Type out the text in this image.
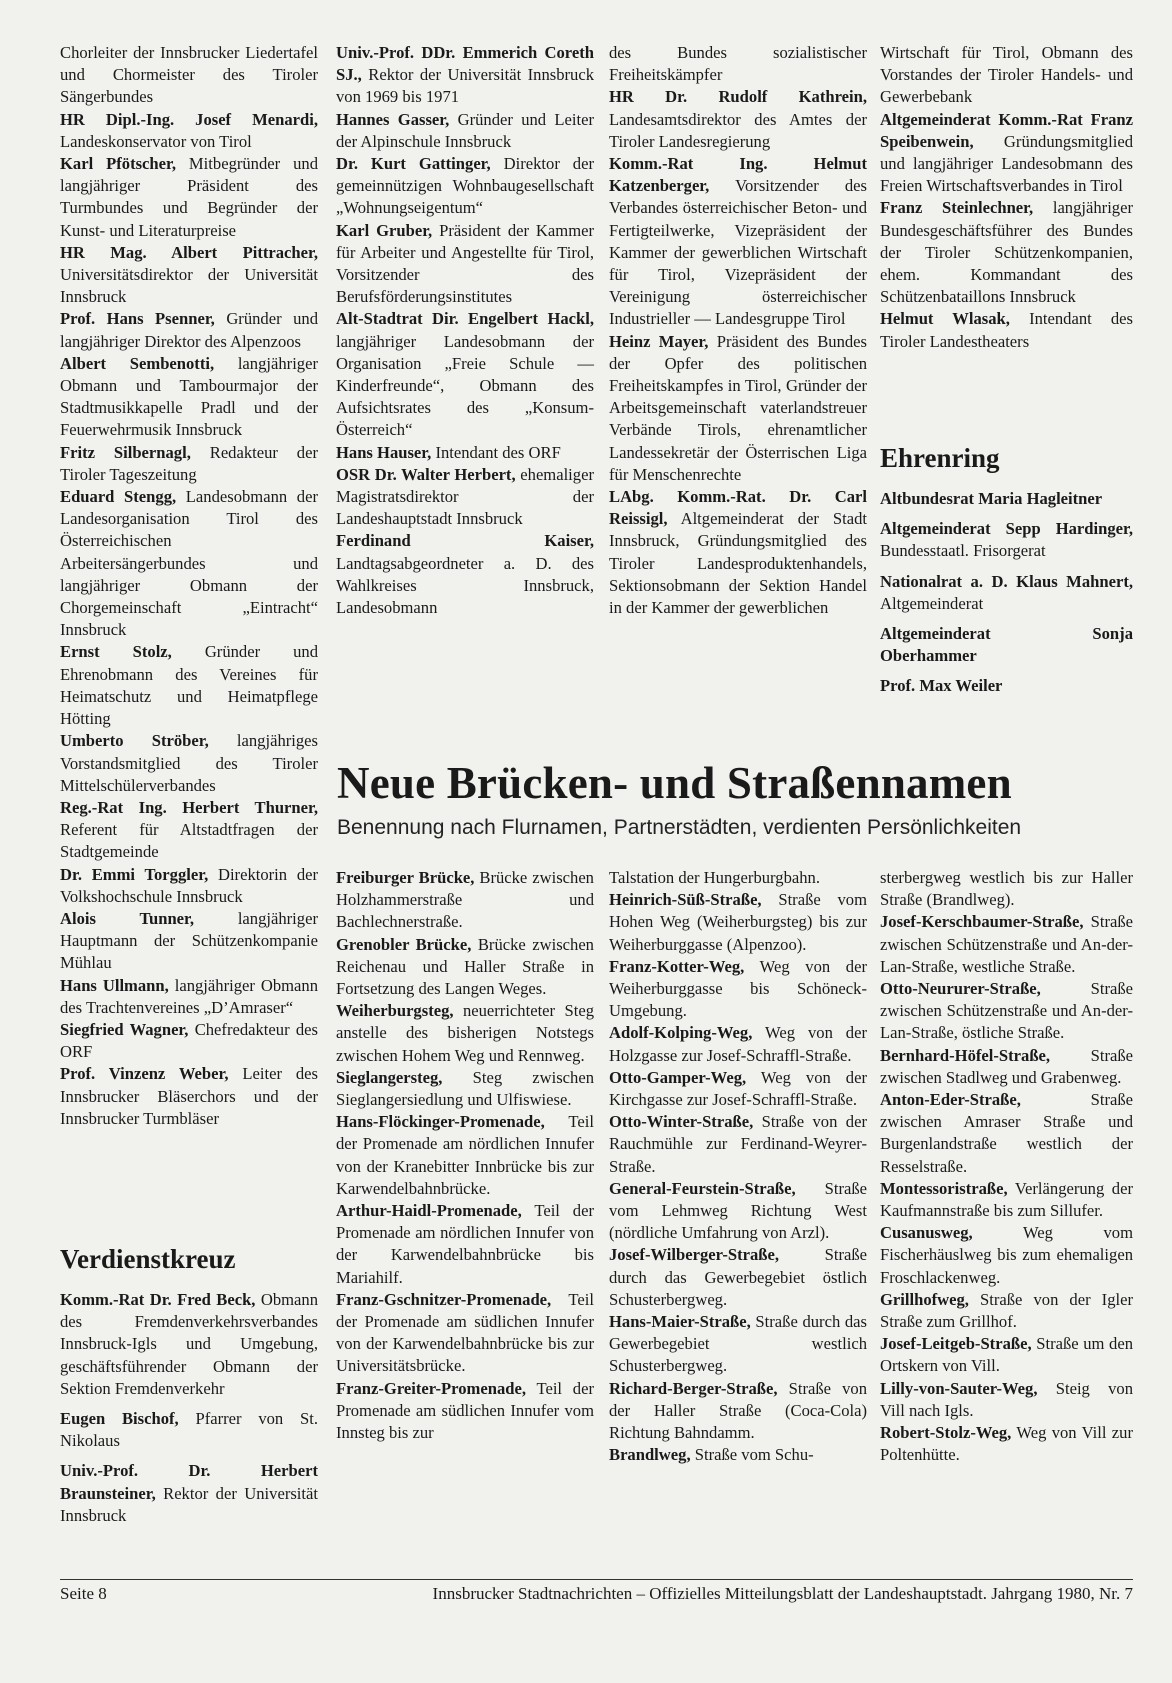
Chorleiter der Innsbrucker Liedertafel und Chormeister des Tiroler Sängerbundes

HR Dipl.-Ing. Josef Menardi, Landeskonservator von Tirol

Karl Pfötscher, Mitbegründer und langjähriger Präsident des Turmbundes und Begründer der Kunst- und Literaturpreise

HR Mag. Albert Pittracher, Universitätsdirektor der Universität Innsbruck

Prof. Hans Psenner, Gründer und langjähriger Direktor des Alpenzoos

Albert Sembenotti, langjähriger Obmann und Tambourmajor der Stadtmusikkapelle Pradl und der Feuerwehrmusik Innsbruck

Fritz Silbernagl, Redakteur der Tiroler Tageszeitung

Eduard Stengg, Landesobmann der Landesorganisation Tirol des Österreichischen Arbeitersängerbundes und langjähriger Obmann der Chorgemeinschaft „Eintracht“ Innsbruck

Ernst Stolz, Gründer und Ehrenobmann des Vereines für Heimatschutz und Heimatpflege Hötting

Umberto Ströber, langjähriges Vorstandsmitglied des Tiroler Mittelschülerverbandes

Reg.-Rat Ing. Herbert Thurner, Referent für Altstadtfragen der Stadtgemeinde

Dr. Emmi Torggler, Direktorin der Volkshochschule Innsbruck

Alois Tunner, langjähriger Hauptmann der Schützenkompanie Mühlau

Hans Ullmann, langjähriger Obmann des Trachtenvereines „D’Amraser“

Siegfried Wagner, Chefredakteur des ORF

Prof. Vinzenz Weber, Leiter des Innsbrucker Bläserchors und der Innsbrucker Turmbläser

Univ.-Prof. DDr. Emmerich Coreth SJ., Rektor der Universität Innsbruck von 1969 bis 1971

Hannes Gasser, Gründer und Leiter der Alpinschule Innsbruck

Dr. Kurt Gattinger, Direktor der gemeinnützigen Wohnbaugesellschaft „Wohnungseigentum“

Karl Gruber, Präsident der Kammer für Arbeiter und Angestellte für Tirol, Vorsitzender des Berufsförderungsinstitutes

Alt-Stadtrat Dir. Engelbert Hackl, langjähriger Landesobmann der Organisation „Freie Schule — Kinderfreunde“, Obmann des Aufsichtsrates des „Konsum-Österreich“

Hans Hauser, Intendant des ORF

OSR Dr. Walter Herbert, ehemaliger Magistratsdirektor der Landeshauptstadt Innsbruck

Ferdinand Kaiser, Landtagsabgeordneter a. D. des Wahlkreises Innsbruck, Landesobmann

des Bundes sozialistischer Freiheitskämpfer

HR Dr. Rudolf Kathrein, Landesamtsdirektor des Amtes der Tiroler Landesregierung

Komm.-Rat Ing. Helmut Katzenberger, Vorsitzender des Verbandes österreichischer Beton- und Fertigteilwerke, Vizepräsident der Kammer der gewerblichen Wirtschaft für Tirol, Vizepräsident der Vereinigung österreichischer Industrieller — Landesgruppe Tirol

Heinz Mayer, Präsident des Bundes der Opfer des politischen Freiheitskampfes in Tirol, Gründer der Arbeitsgemeinschaft vaterlandstreuer Verbände Tirols, ehrenamtlicher Landessekretär der Österrischen Liga für Menschenrechte

LAbg. Komm.-Rat. Dr. Carl Reissigl, Altgemeinderat der Stadt Innsbruck, Gründungsmitglied des Tiroler Landesproduktenhandels, Sektionsobmann der Sektion Handel in der Kammer der gewerblichen

Wirtschaft für Tirol, Obmann des Vorstandes der Tiroler Handels- und Gewerbebank

Altgemeinderat Komm.-Rat Franz Speibenwein, Gründungsmitglied und langjähriger Landesobmann des Freien Wirtschaftsverbandes in Tirol

Franz Steinlechner, langjähriger Bundesgeschäftsführer des Bundes der Tiroler Schützenkompanien, ehem. Kommandant des Schützenbataillons Innsbruck

Helmut Wlasak, Intendant des Tiroler Landestheaters

Verdienstkreuz

Komm.-Rat Dr. Fred Beck, Obmann des Fremdenverkehrsverbandes Innsbruck-Igls und Umgebung, geschäftsführender Obmann der Sektion Fremdenverkehr

Eugen Bischof, Pfarrer von St. Nikolaus

Univ.-Prof. Dr. Herbert Braunsteiner, Rektor der Universität Innsbruck

Ehrenring

Altbundesrat Maria Hagleitner

Altgemeinderat Sepp Hardinger, Bundesstaatl. Frisorgerat

Nationalrat a. D. Klaus Mahnert, Altgemeinderat

Altgemeinderat Sonja Oberhammer

Prof. Max Weiler

Neue Brücken- und Straßennamen
Benennung nach Flurnamen, Partnerstädten, verdienten Persönlichkeiten

Freiburger Brücke, Brücke zwischen Holzhammerstraße und Bachlechnerstraße.

Grenobler Brücke, Brücke zwischen Reichenau und Haller Straße in Fortsetzung des Langen Weges.

Weiherburgsteg, neuerrichteter Steg anstelle des bisherigen Notstegs zwischen Hohem Weg und Rennweg.

Sieglangersteg, Steg zwischen Sieglangersiedlung und Ulfiswiese.

Hans-Flöckinger-Promenade, Teil der Promenade am nördlichen Innufer von der Kranebitter Innbrücke bis zur Karwendelbahnbrücke.

Arthur-Haidl-Promenade, Teil der Promenade am nördlichen Innufer von der Karwendelbahnbrücke bis Mariahilf.

Franz-Gschnitzer-Promenade, Teil der Promenade am südlichen Innufer von der Karwendelbahnbrücke bis zur Universitätsbrücke.

Franz-Greiter-Promenade, Teil der Promenade am südlichen Innufer vom Innsteg bis zur

Talstation der Hungerburgbahn.

Heinrich-Süß-Straße, Straße vom Hohen Weg (Weiherburgsteg) bis zur Weiherburggasse (Alpenzoo).

Franz-Kotter-Weg, Weg von der Weiherburggasse bis Schöneck-Umgebung.

Adolf-Kolping-Weg, Weg von der Holzgasse zur Josef-Schraffl-Straße.

Otto-Gamper-Weg, Weg von der Kirchgasse zur Josef-Schraffl-Straße.

Otto-Winter-Straße, Straße von der Rauchmühle zur Ferdinand-Weyrer-Straße.

General-Feurstein-Straße, Straße vom Lehmweg Richtung West (nördliche Umfahrung von Arzl).

Josef-Wilberger-Straße, Straße durch das Gewerbegebiet östlich Schusterbergweg.

Hans-Maier-Straße, Straße durch das Gewerbegebiet westlich Schusterbergweg.

Richard-Berger-Straße, Straße von der Haller Straße (Coca-Cola) Richtung Bahndamm.

Brandlweg, Straße vom Schu-

sterbergweg westlich bis zur Haller Straße (Brandlweg).

Josef-Kerschbaumer-Straße, Straße zwischen Schützenstraße und An-der-Lan-Straße, westliche Straße.

Otto-Neururer-Straße, Straße zwischen Schützenstraße und An-der-Lan-Straße, östliche Straße.

Bernhard-Höfel-Straße, Straße zwischen Stadlweg und Grabenweg.

Anton-Eder-Straße, Straße zwischen Amraser Straße und Burgenlandstraße westlich der Resselstraße.

Montessoristraße, Verlängerung der Kaufmannstraße bis zum Sillufer.

Cusanusweg, Weg vom Fischerhäuslweg bis zum ehemaligen Froschlackenweg.

Grillhofweg, Straße von der Igler Straße zum Grillhof.

Josef-Leitgeb-Straße, Straße um den Ortskern von Vill.

Lilly-von-Sauter-Weg, Steig von Vill nach Igls.

Robert-Stolz-Weg, Weg von Vill zur Poltenhütte.

Seite 8	Innsbrucker Stadtnachrichten – Offizielles Mitteilungsblatt der Landeshauptstadt. Jahrgang 1980, Nr. 7
